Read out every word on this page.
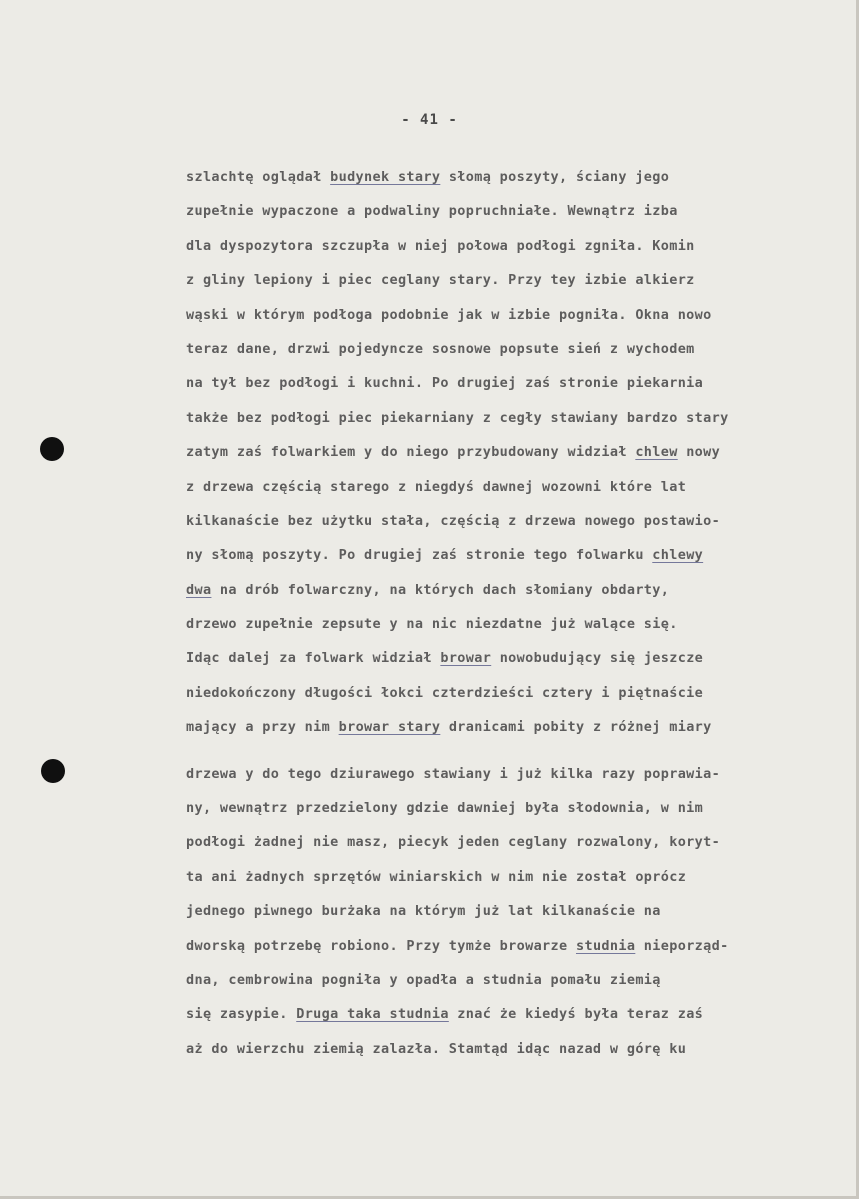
- 41 -
szlachtę oglądał budynek stary słomą poszyty, ściany jego
zupełnie wypaczone a podwaliny popruchniałe. Wewnątrz izba
dla dyspozytora szczupła w niej połowa podłogi zgniła. Komin
z gliny lepiony i piec ceglany stary. Przy tey izbie alkierz
wąski w którym podłoga podobnie jak w izbie pogniła. Okna nowo
teraz dane, drzwi pojedyncze sosnowe popsute sień z wychodem
na tył bez podłogi i kuchni. Po drugiej zaś stronie piekarnia
także bez podłogi piec piekarniany z cegły stawiany bardzo stary
zatym zaś folwarkiem y do niego przybudowany widział chlew nowy
z drzewa częścią starego z niegdyś dawnej wozowni które lat
kilkanaście bez użytku stała, częścią z drzewa nowego postawio-
ny słomą poszyty. Po drugiej zaś stronie tego folwarku chlewy
dwa na drób folwarczny, na których dach słomiany obdarty,
drzewo zupełnie zepsute y na nic niezdatne już walące się.
Idąc dalej za folwark widział browar nowobudujący się jeszcze
niedokończony długości łokci czterdzieści cztery i piętnaście
mający a przy nim browar stary dranicami pobity z różnej miary
drzewa y do tego dziurawego stawiany i już kilka razy poprawia-
ny, wewnątrz przedzielony gdzie dawniej była słodownia, w nim
podłogi żadnej nie masz, piecyk jeden ceglany rozwalony, koryt-
ta ani żadnych sprzętów winiarskich w nim nie został oprócz
jednego piwnego burżaka na którym już lat kilkanaście na
dworską potrzebę robiono. Przy tymże browarze studnia nieporząd-
dna, cembrowina pogniła y opadła a studnia pomału ziemią
się zasypie. Druga taka studnia znać że kiedyś była teraz zaś
aż do wierzchu ziemią zalazła. Stamtąd idąc nazad w górę ku
